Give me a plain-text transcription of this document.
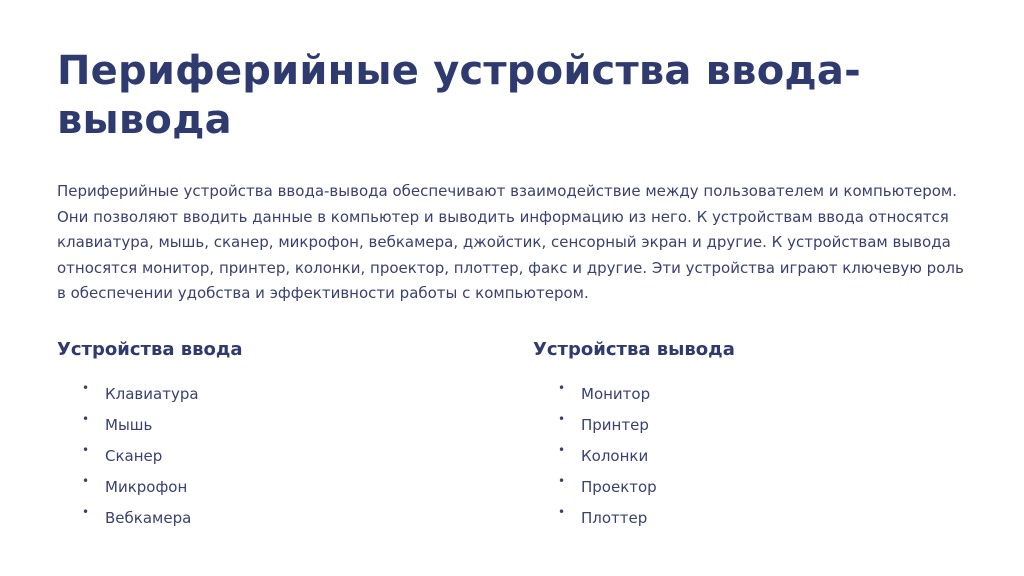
Периферийные устройства ввода-вывода

Периферийные устройства ввода-вывода обеспечивают взаимодействие между пользователем и компьютером. Они позволяют вводить данные в компьютер и выводить информацию из него. К устройствам ввода относятся клавиатура, мышь, сканер, микрофон, вебкамера, джойстик, сенсорный экран и другие. К устройствам вывода относятся монитор, принтер, колонки, проектор, плоттер, факс и другие. Эти устройства играют ключевую роль в обеспечении удобства и эффективности работы с компьютером.

Устройства ввода
• Клавиатура
• Мышь
• Сканер
• Микрофон
• Вебкамера
Устройства вывода
• Монитор
• Принтер
• Колонки
• Проектор
• Плоттер
